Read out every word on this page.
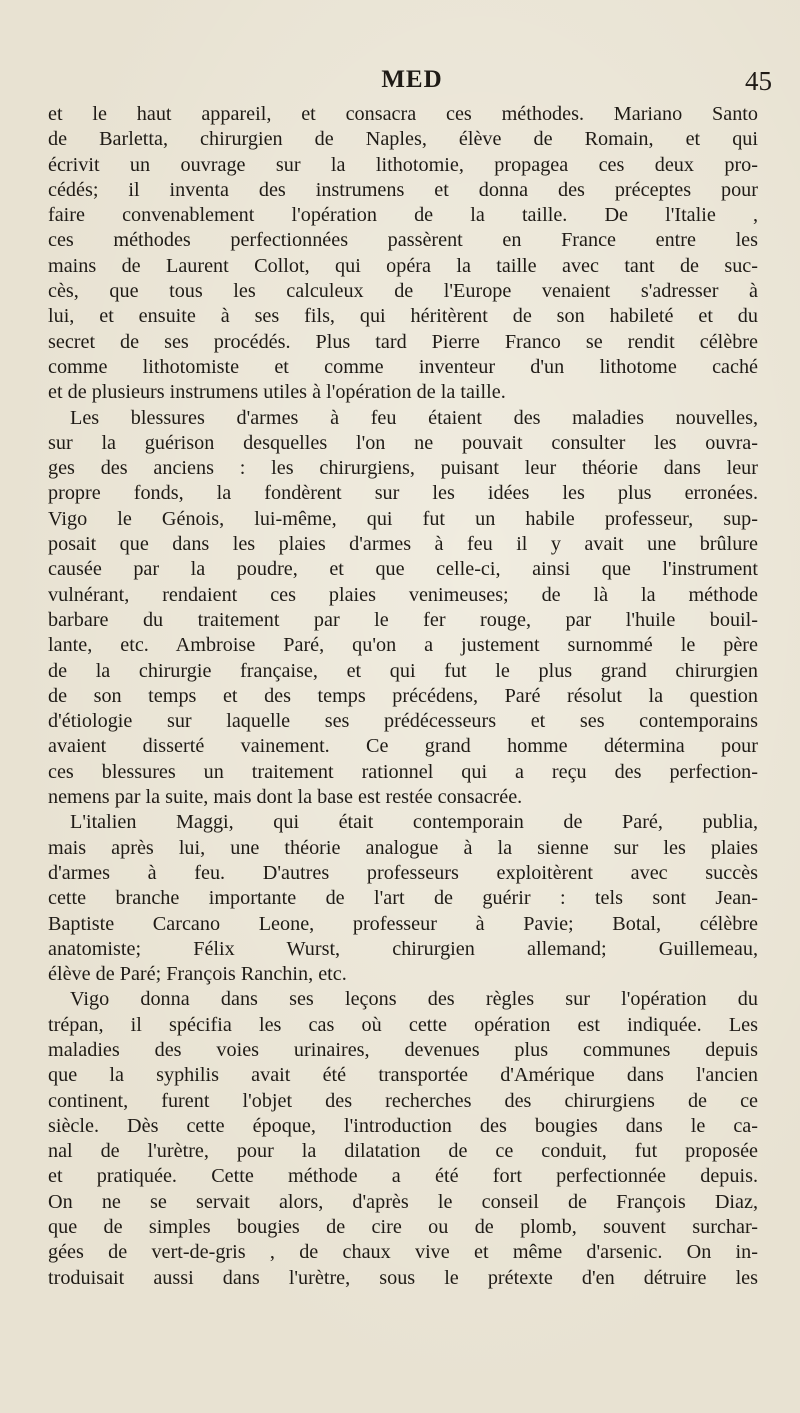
MED	45
et le haut appareil, et consacra ces méthodes. Mariano Santo
de Barletta, chirurgien de Naples, élève de Romain, et qui
écrivit un ouvrage sur la lithotomie, propagea ces deux pro-
cédés; il inventa des instrumens et donna des préceptes pour
faire convenablement l'opération de la taille. De l'Italie ,
ces méthodes perfectionnées passèrent en France entre les
mains de Laurent Collot, qui opéra la taille avec tant de suc-
cès, que tous les calculeux de l'Europe venaient s'adresser à
lui, et ensuite à ses fils, qui héritèrent de son habileté et du
secret de ses procédés. Plus tard Pierre Franco se rendit célèbre
comme lithotomiste et comme inventeur d'un lithotome caché
et de plusieurs instrumens utiles à l'opération de la taille.
Les blessures d'armes à feu étaient des maladies nouvelles,
sur la guérison desquelles l'on ne pouvait consulter les ouvra-
ges des anciens : les chirurgiens, puisant leur théorie dans leur
propre fonds, la fondèrent sur les idées les plus erronées.
Vigo le Génois, lui-même, qui fut un habile professeur, sup-
posait que dans les plaies d'armes à feu il y avait une brûlure
causée par la poudre, et que celle-ci, ainsi que l'instrument
vulnérant, rendaient ces plaies venimeuses; de là la méthode
barbare du traitement par le fer rouge, par l'huile bouil-
lante, etc. Ambroise Paré, qu'on a justement surnommé le père
de la chirurgie française, et qui fut le plus grand chirurgien
de son temps et des temps précédens, Paré résolut la question
d'étiologie sur laquelle ses prédécesseurs et ses contemporains
avaient disserté vainement. Ce grand homme détermina pour
ces blessures un traitement rationnel qui a reçu des perfection-
nemens par la suite, mais dont la base est restée consacrée.
L'italien Maggi, qui était contemporain de Paré, publia,
mais après lui, une théorie analogue à la sienne sur les plaies
d'armes à feu. D'autres professeurs exploitèrent avec succès
cette branche importante de l'art de guérir : tels sont Jean-
Baptiste Carcano Leone, professeur à Pavie; Botal, célèbre
anatomiste; Félix Wurst, chirurgien allemand; Guillemeau,
élève de Paré; François Ranchin, etc.
Vigo donna dans ses leçons des règles sur l'opération du
trépan, il spécifia les cas où cette opération est indiquée. Les
maladies des voies urinaires, devenues plus communes depuis
que la syphilis avait été transportée d'Amérique dans l'ancien
continent, furent l'objet des recherches des chirurgiens de ce
siècle. Dès cette époque, l'introduction des bougies dans le ca-
nal de l'urètre, pour la dilatation de ce conduit, fut proposée
et pratiquée. Cette méthode a été fort perfectionnée depuis.
On ne se servait alors, d'après le conseil de François Diaz,
que de simples bougies de cire ou de plomb, souvent surchar-
gées de vert-de-gris , de chaux vive et même d'arsenic. On in-
troduisait aussi dans l'urètre, sous le prétexte d'en détruire les
